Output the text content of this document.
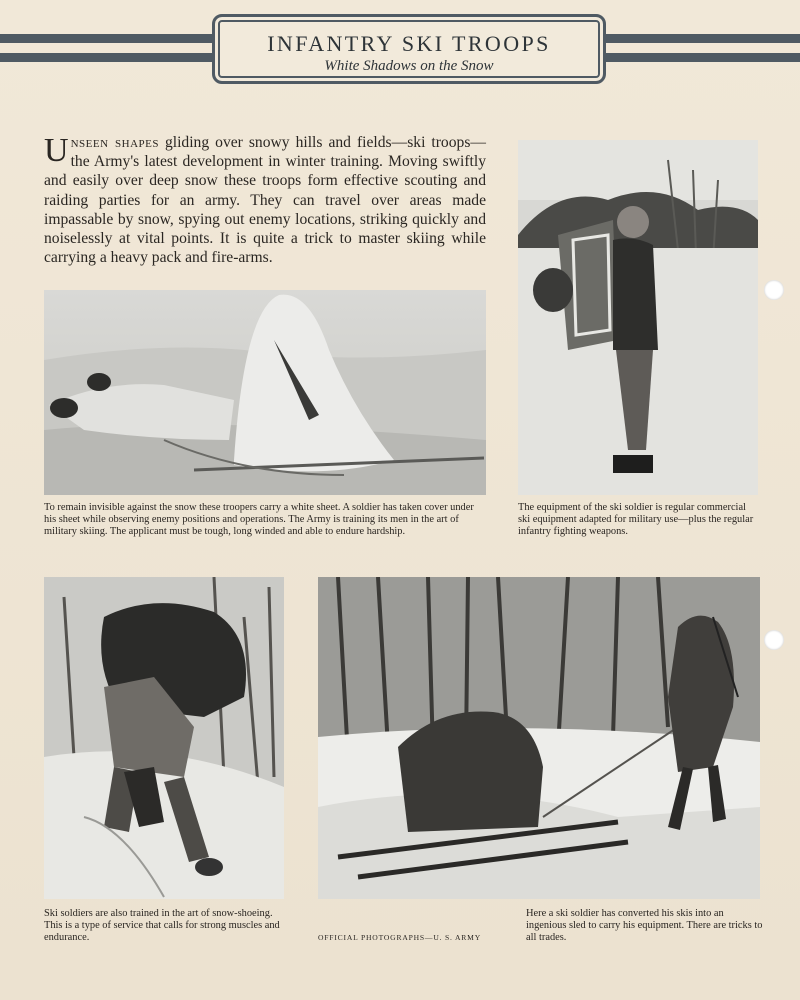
INFANTRY SKI TROOPS
White Shadows on the Snow

Unseen shapes gliding over snowy hills and fields—ski troops—the Army's latest development in winter training. Moving swiftly and easily over deep snow these troops form effective scouting and raiding parties for an army. They can travel over areas made impassable by snow, spying out enemy locations, striking quickly and noiselessly at vital points. It is quite a trick to master skiing while carrying a heavy pack and fire-arms.

To remain invisible against the snow these troopers carry a white sheet. A soldier has taken cover under his sheet while observing enemy positions and operations. The Army is training its men in the art of military skiing. The applicant must be tough, long winded and able to endure hardship.

The equipment of the ski soldier is regular commercial ski equipment adapted for military use—plus the regular infantry fighting weapons.

Ski soldiers are also trained in the art of snow-shoeing. This is a type of service that calls for strong muscles and endurance.

Here a ski soldier has converted his skis into an ingenious sled to carry his equipment. There are tricks to all trades.

OFFICIAL PHOTOGRAPHS—U. S. ARMY
